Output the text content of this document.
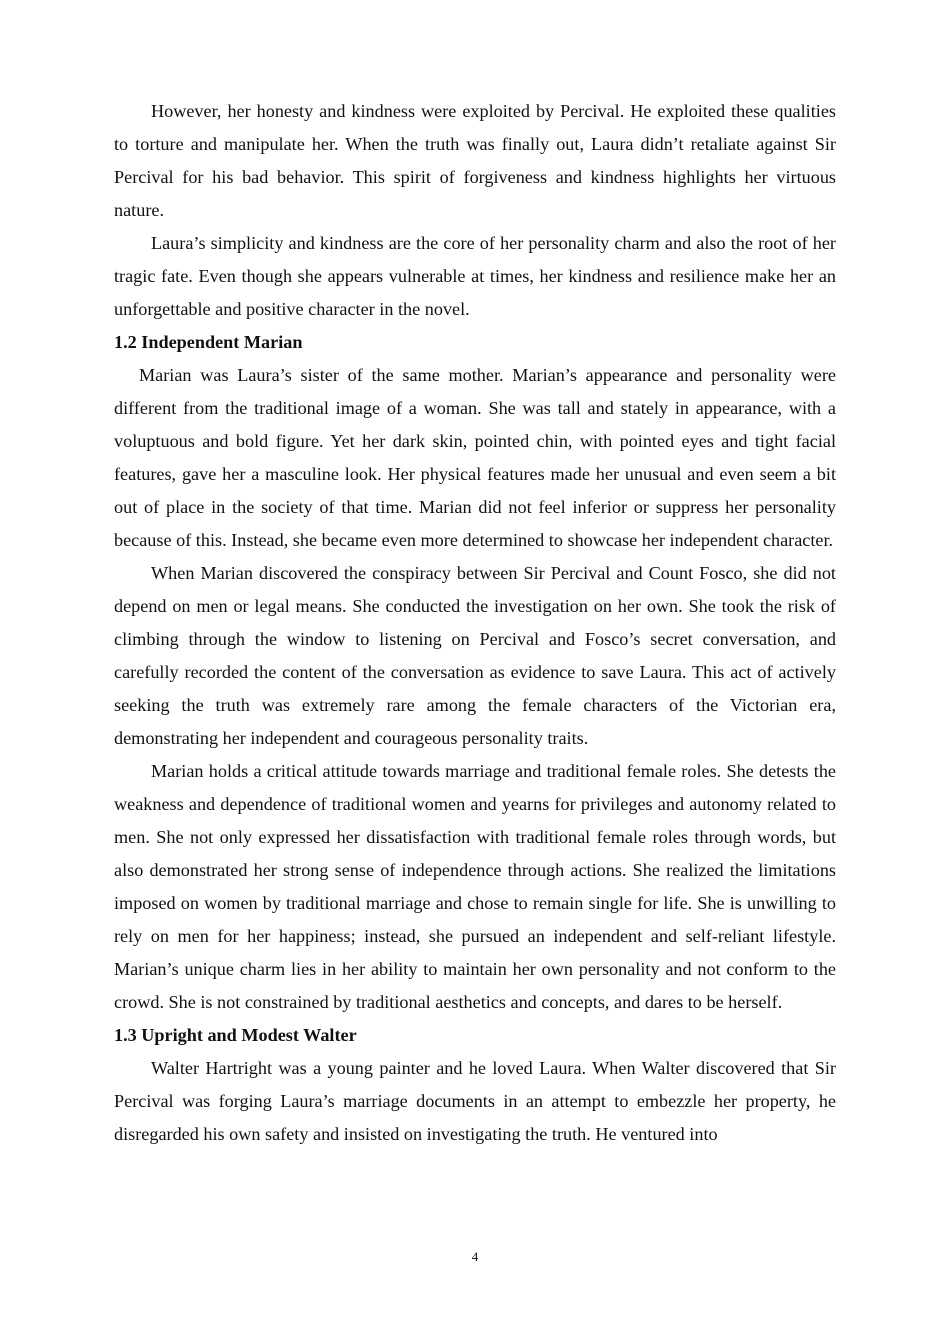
However, her honesty and kindness were exploited by Percival. He exploited these qualities to torture and manipulate her. When the truth was finally out, Laura didn’t retaliate against Sir Percival for his bad behavior. This spirit of forgiveness and kindness highlights her virtuous nature.

Laura’s simplicity and kindness are the core of her personality charm and also the root of her tragic fate. Even though she appears vulnerable at times, her kindness and resilience make her an unforgettable and positive character in the novel.

1.2 Independent Marian

Marian was Laura’s sister of the same mother. Marian’s appearance and personality were different from the traditional image of a woman. She was tall and stately in appearance, with a voluptuous and bold figure. Yet her dark skin, pointed chin, with pointed eyes and tight facial features, gave her a masculine look. Her physical features made her unusual and even seem a bit out of place in the society of that time. Marian did not feel inferior or suppress her personality because of this. Instead, she became even more determined to showcase her independent character.

When Marian discovered the conspiracy between Sir Percival and Count Fosco, she did not depend on men or legal means. She conducted the investigation on her own. She took the risk of climbing through the window to listening on Percival and Fosco’s secret conversation, and carefully recorded the content of the conversation as evidence to save Laura. This act of actively seeking the truth was extremely rare among the female characters of the Victorian era, demonstrating her independent and courageous personality traits.

Marian holds a critical attitude towards marriage and traditional female roles. She detests the weakness and dependence of traditional women and yearns for privileges and autonomy related to men. She not only expressed her dissatisfaction with traditional female roles through words, but also demonstrated her strong sense of independence through actions. She realized the limitations imposed on women by traditional marriage and chose to remain single for life. She is unwilling to rely on men for her happiness; instead, she pursued an independent and self-reliant lifestyle. Marian’s unique charm lies in her ability to maintain her own personality and not conform to the crowd. She is not constrained by traditional aesthetics and concepts, and dares to be herself.

1.3 Upright and Modest Walter

Walter Hartright was a young painter and he loved Laura. When Walter discovered that Sir Percival was forging Laura’s marriage documents in an attempt to embezzle her property, he disregarded his own safety and insisted on investigating the truth. He ventured into

4
